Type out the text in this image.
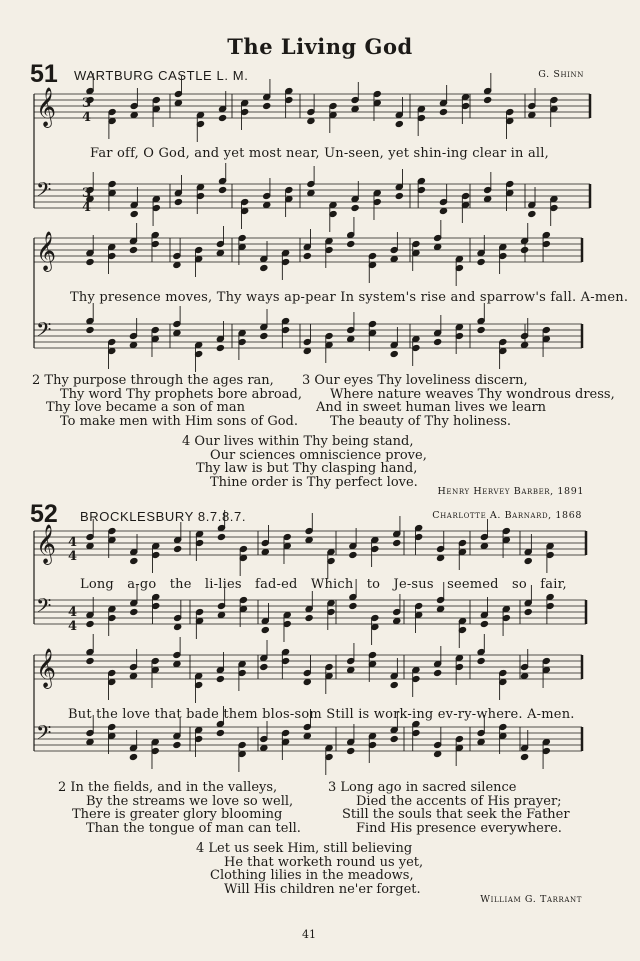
The Living God
51 WARTBURG CASTLE L. M.	G. Shinn
𝄞
𝄢
𝄞
𝄢
𝄞
𝄢
𝄞
𝄢
3
4
3
4
4
4
4
4
Far off, O God, and yet most near, Un-seen, yet shin-ing clear in all,
Thy presence moves, Thy ways ap-pear In system's rise and sparrow's fall. A-men.
2 Thy purpose through the ages ran,
Thy word Thy prophets bore abroad,
Thy love became a son of man
To make men with Him sons of God.
3 Our eyes Thy loveliness discern,
Where nature weaves Thy wondrous dress,
And in sweet human lives we learn
The beauty of Thy holiness.
4 Our lives within Thy being stand,
Our sciences omniscience prove,
Thy law is but Thy clasping hand,
Thine order is Thy perfect love.
Henry Hervey Barber, 1891
52 BROCKLESBURY 8.7.8.7.	Charlotte A. Barnard, 1868
Long a-go the li-lies fad-ed Which to Je-sus seemed so fair,
But the love that bade them blos-som Still is work-ing ev-ry-where. A-men.
2 In the fields, and in the valleys,
By the streams we love so well,
There is greater glory blooming
Than the tongue of man can tell.
3 Long ago in sacred silence
Died the accents of His prayer;
Still the souls that seek the Father
Find His presence everywhere.
4 Let us seek Him, still believing
He that worketh round us yet,
Clothing lilies in the meadows,
Will His children ne'er forget.
William G. Tarrant
41
